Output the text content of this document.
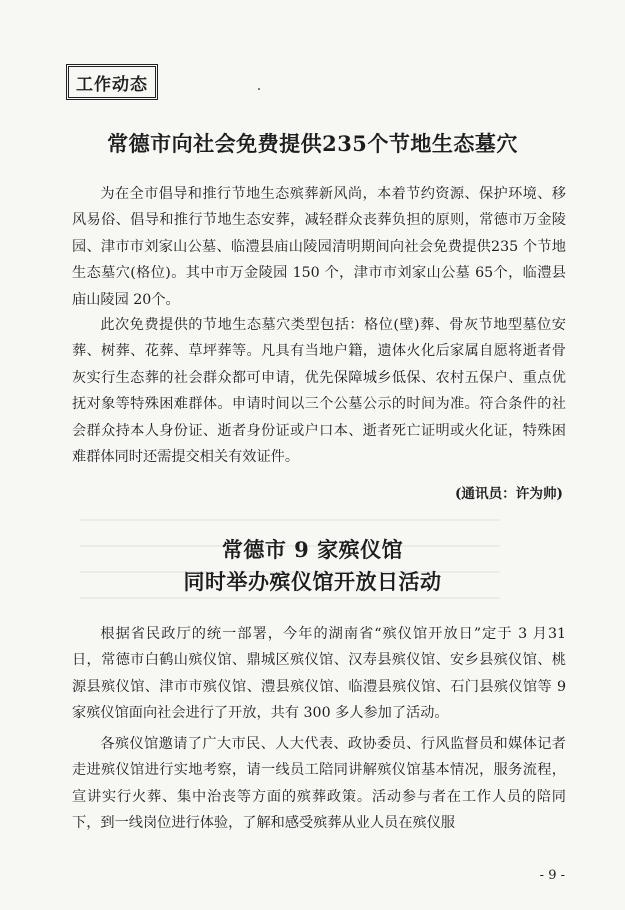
工作动态
常德市向社会免费提供235个节地生态墓穴

为在全市倡导和推行节地生态殡葬新风尚，本着节约资源、保护环境、移风易俗、倡导和推行节地生态安葬，减轻群众丧葬负担的原则，常德市万金陵园、津市市刘家山公墓、临澧县庙山陵园清明期间向社会免费提供235 个节地生态墓穴(格位)。其中市万金陵园 150 个，津市市刘家山公墓 65个，临澧县庙山陵园 20个。

此次免费提供的节地生态墓穴类型包括：格位(壁)葬、骨灰节地型墓位安葬、树葬、花葬、草坪葬等。凡具有当地户籍，遗体火化后家属自愿将逝者骨灰实行生态葬的社会群众都可申请，优先保障城乡低保、农村五保户、重点优抚对象等特殊困难群体。申请时间以三个公墓公示的时间为准。符合条件的社会群众持本人身份证、逝者身份证或户口本、逝者死亡证明或火化证，特殊困难群体同时还需提交相关有效证件。

(通讯员：许为帅)
常德市 9 家殡仪馆
同时举办殡仪馆开放日活动

根据省民政厅的统一部署，今年的湖南省“殡仪馆开放日”定于 3 月31 日，常德市白鹤山殡仪馆、鼎城区殡仪馆、汉寿县殡仪馆、安乡县殡仪馆、桃源县殡仪馆、津市市殡仪馆、澧县殡仪馆、临澧县殡仪馆、石门县殡仪馆等 9 家殡仪馆面向社会进行了开放，共有 300 多人参加了活动。

各殡仪馆邀请了广大市民、人大代表、政协委员、行风监督员和媒体记者走进殡仪馆进行实地考察，请一线员工陪同讲解殡仪馆基本情况，服务流程，宣讲实行火葬、集中治丧等方面的殡葬政策。活动参与者在工作人员的陪同下，到一线岗位进行体验，了解和感受殡葬从业人员在殡仪服

- 9 -
